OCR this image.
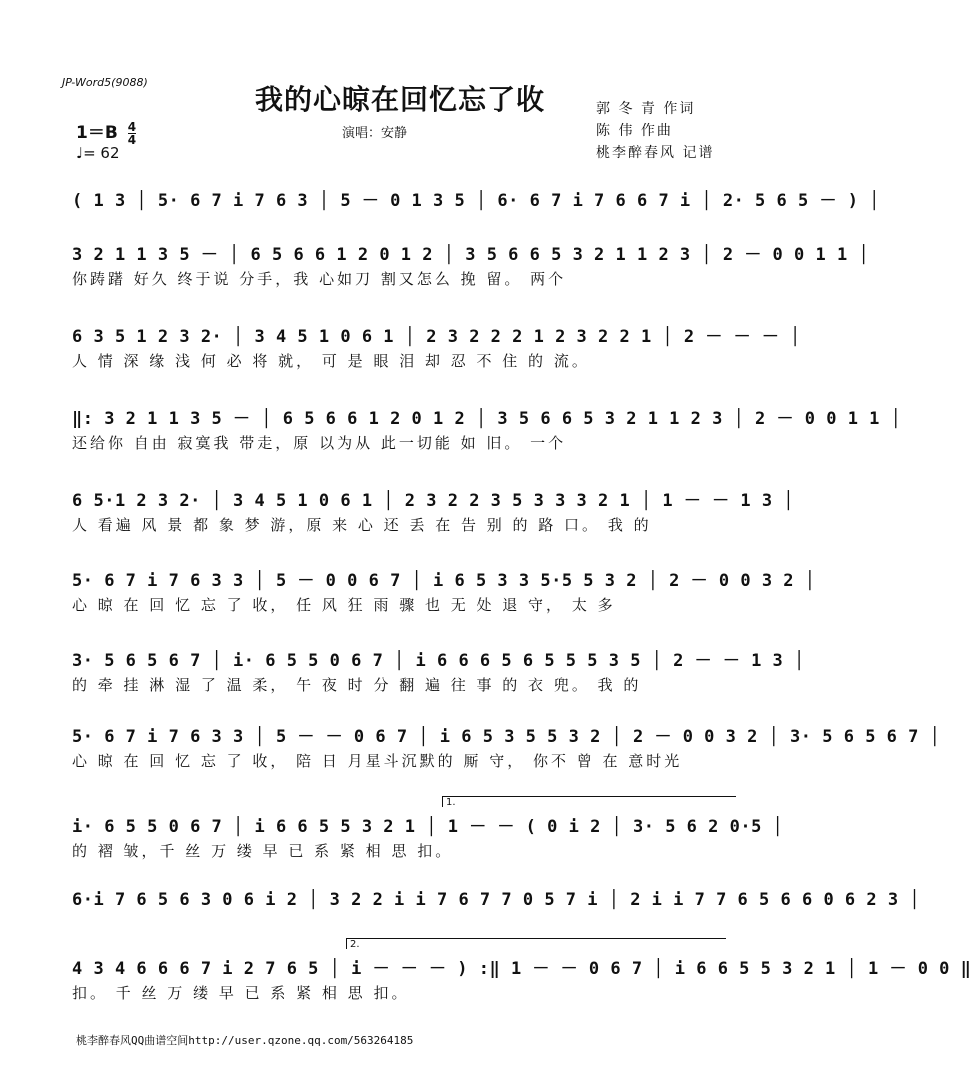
JP-Word5(9088)
我的心晾在回忆忘了收
演唱：安静
$1=B \frac{4}{4}$
♩= 62
郭 冬 青 作词
陈 伟 作曲
桃李醉春风 记谱
( 1 3 │ 5· 6 7 i 7 6 3 │ 5 － 0 1 3 5 │ 6· 6 7 i 7 6 6 7 i │ 2· 5 6 5 － ) │
3 2 1 1 3 5 － │ 6 5 6 6 1 2 0 1 2 │ 3 5 6 6 5 3 2 1 1 2 3 │ 2 － 0 0 1 1 │
你踌躇 好久 终于说 分手，我 心如刀 割又怎么 挽 留。 两个
6 3 5 1 2 3 2· │ 3 4 5 1 0 6 1 │ 2 3 2 2 2 1 2 3 2 2 1 │ 2 － － － │
人 情 深 缘 浅 何 必 将 就， 可 是 眼 泪 却 忍 不 住 的 流。
‖: 3 2 1 1 3 5 － │ 6 5 6 6 1 2 0 1 2 │ 3 5 6 6 5 3 2 1 1 2 3 │ 2 － 0 0 1 1 │
还给你 自由 寂寞我 带走，原 以为从 此一切能 如 旧。 一个
6 5·1 2 3 2· │ 3 4 5 1 0 6 1 │ 2 3 2 2 3 5 3 3 3 2 1 │ 1 － － 1 3 │
人 看遍 风 景 都 象 梦 游，原 来 心 还 丢 在 告 别 的 路 口。 我 的
5· 6 7 i 7 6 3 3 │ 5 － 0 0 6 7 │ i 6 5 3 3 5·5 5 3 2 │ 2 － 0 0 3 2 │
心 晾 在 回 忆 忘 了 收， 任 风 狂 雨 骤 也 无 处 退 守， 太 多
3· 5 6 5 6 7 │ i· 6 5 5 0 6 7 │ i 6 6 6 5 6 5 5 5 3 5 │ 2 － － 1 3 │
的 牵 挂 淋 湿 了 温 柔， 午 夜 时 分 翻 遍 往 事 的 衣 兜。 我 的
5· 6 7 i 7 6 3 3 │ 5 － － 0 6 7 │ i 6 5 3 5 5 3 2 │ 2 － 0 0 3 2 │ 3· 5 6 5 6 7 │
心 晾 在 回 忆 忘 了 收， 陪 日 月星斗沉默的 厮 守， 你不 曾 在 意时光
1.
i· 6 5 5 0 6 7 │ i 6 6 5 5 3 2 1 │ 1 － － ( 0 i 2 │ 3· 5 6 2 0·5 │
的 褶 皱，千 丝 万 缕 早 已 系 紧 相 思 扣。
6·i 7 6 5 6 3 0 6 i 2 │ 3 2 2 i i 7 6 7 7 0 5 7 i │ 2 i i 7 7 6 5 6 6 0 6 2 3 │
2.
4 3 4 6 6 6 7 i 2 7 6 5 │ i － － － ) :‖ 1 － － 0 6 7 │ i 6 6 5 5 3 2 1 │ 1 － 0 0 ‖
扣。 千 丝 万 缕 早 已 系 紧 相 思 扣。
桃李醉春风QQ曲谱空间http://user.qzone.qq.com/563264185
